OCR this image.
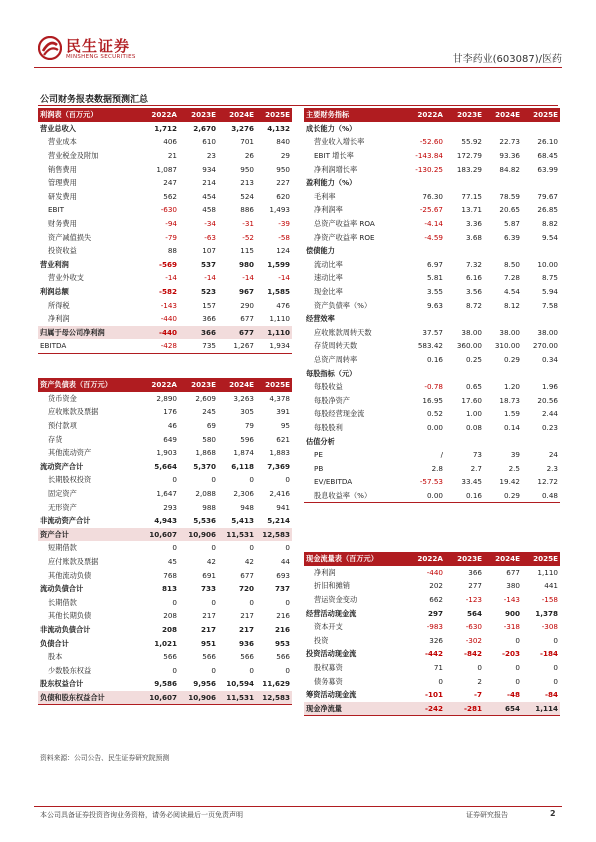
民生证券
MINSHENG SECURITIES	甘李药业(603087)/医药
公司财务报表数据预测汇总
利润表（百万元）	2022A	2023E	2024E	2025E
营业总收入	1,712	2,670	3,276	4,132
营业成本	406	610	701	840
营业税金及附加	21	23	26	29
销售费用	1,087	934	950	950
管理费用	247	214	213	227
研发费用	562	454	524	620
EBIT	-630	458	886	1,493
财务费用	-94	-34	-31	-39
资产减值损失	-79	-63	-52	-58
投资收益	88	107	115	124
营业利润	-569	537	980	1,599
营业外收支	-14	-14	-14	-14
利润总额	-582	523	967	1,585
所得税	-143	157	290	476
净利润	-440	366	677	1,110
归属于母公司净利润	-440	366	677	1,110
EBITDA	-428	735	1,267	1,934
主要财务指标	2022A	2023E	2024E	2025E
成长能力（%）				
营业收入增长率	-52.60	55.92	22.73	26.10
EBIT 增长率	-143.84	172.79	93.36	68.45
净利润增长率	-130.25	183.29	84.82	63.99
盈利能力（%）				
毛利率	76.30	77.15	78.59	79.67
净利润率	-25.67	13.71	20.65	26.85
总资产收益率 ROA	-4.14	3.36	5.87	8.82
净资产收益率 ROE	-4.59	3.68	6.39	9.54
偿债能力				
流动比率	6.97	7.32	8.50	10.00
速动比率	5.81	6.16	7.28	8.75
现金比率	3.55	3.56	4.54	5.94
资产负债率（%）	9.63	8.72	8.12	7.58
经营效率				
应收账款周转天数	37.57	38.00	38.00	38.00
存货周转天数	583.42	360.00	310.00	270.00
总资产周转率	0.16	0.25	0.29	0.34
每股指标（元）				
每股收益	-0.78	0.65	1.20	1.96
每股净资产	16.95	17.60	18.73	20.56
每股经营现金流	0.52	1.00	1.59	2.44
每股股利	0.00	0.08	0.14	0.23
估值分析				
PE	/	73	39	24
PB	2.8	2.7	2.5	2.3
EV/EBITDA	-57.53	33.45	19.42	12.72
股息收益率（%）	0.00	0.16	0.29	0.48
资产负债表（百万元）	2022A	2023E	2024E	2025E
货币资金	2,890	2,609	3,263	4,378
应收账款及票据	176	245	305	391
预付款项	46	69	79	95
存货	649	580	596	621
其他流动资产	1,903	1,868	1,874	1,883
流动资产合计	5,664	5,370	6,118	7,369
长期股权投资	0	0	0	0
固定资产	1,647	2,088	2,306	2,416
无形资产	293	988	948	941
非流动资产合计	4,943	5,536	5,413	5,214
资产合计	10,607	10,906	11,531	12,583
短期借款	0	0	0	0
应付账款及票据	45	42	42	44
其他流动负债	768	691	677	693
流动负债合计	813	733	720	737
长期借款	0	0	0	0
其他长期负债	208	217	217	216
非流动负债合计	208	217	217	216
负债合计	1,021	951	936	953
股本	566	566	566	566
少数股东权益	0	0	0	0
股东权益合计	9,586	9,956	10,594	11,629
负债和股东权益合计	10,607	10,906	11,531	12,583
现金流量表（百万元）	2022A	2023E	2024E	2025E
净利润	-440	366	677	1,110
折旧和摊销	202	277	380	441
营运资金变动	662	-123	-143	-158
经营活动现金流	297	564	900	1,378
资本开支	-983	-630	-318	-308
投资	326	-302	0	0
投资活动现金流	-442	-842	-203	-184
股权募资	71	0	0	0
债务募资	0	2	0	0
筹资活动现金流	-101	-7	-48	-84
现金净流量	-242	-281	654	1,114
资料来源：公司公告、民生证券研究院预测
本公司具备证券投资咨询业务资格，请务必阅读最后一页免责声明	证券研究报告	2
